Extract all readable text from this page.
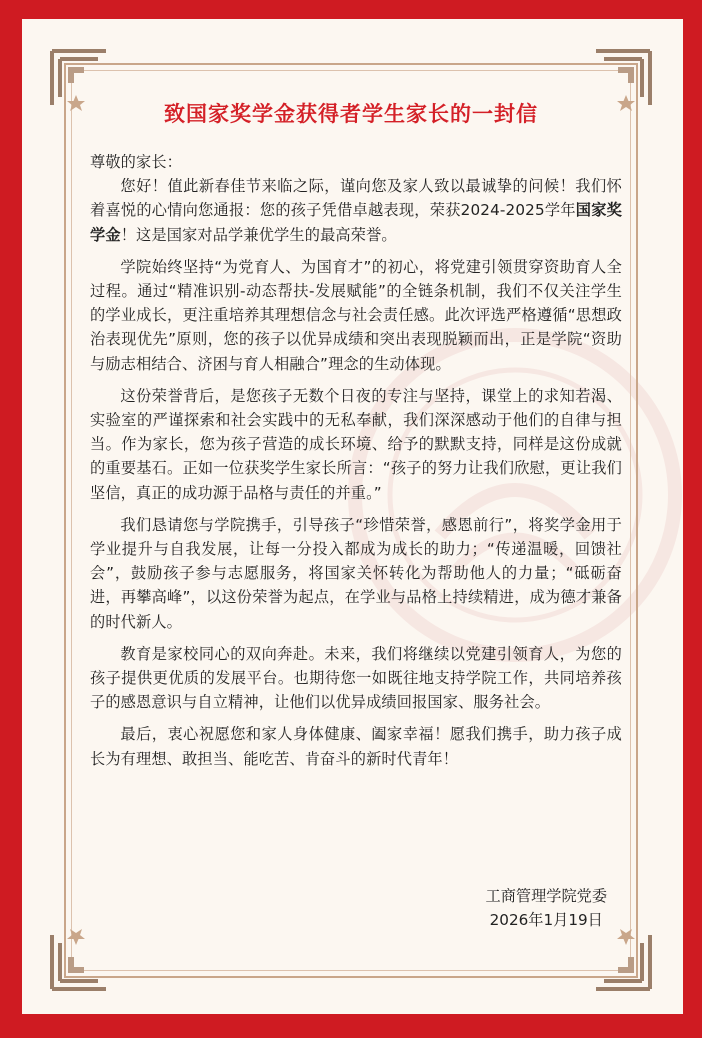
致国家奖学金获得者学生家长的一封信

尊敬的家长：

您好！值此新春佳节来临之际，谨向您及家人致以最诚挚的问候！我们怀着喜悦的心情向您通报：您的孩子凭借卓越表现，荣获2024-2025学年国家奖学金！这是国家对品学兼优学生的最高荣誉。

学院始终坚持“为党育人、为国育才”的初心，将党建引领贯穿资助育人全过程。通过“精准识别-动态帮扶-发展赋能”的全链条机制，我们不仅关注学生的学业成长，更注重培养其理想信念与社会责任感。此次评选严格遵循“思想政治表现优先”原则，您的孩子以优异成绩和突出表现脱颖而出，正是学院“资助与励志相结合、济困与育人相融合”理念的生动体现。

这份荣誉背后，是您孩子无数个日夜的专注与坚持，课堂上的求知若渴、实验室的严谨探索和社会实践中的无私奉献，我们深深感动于他们的自律与担当。作为家长，您为孩子营造的成长环境、给予的默默支持，同样是这份成就的重要基石。正如一位获奖学生家长所言：“孩子的努力让我们欣慰，更让我们坚信，真正的成功源于品格与责任的并重。”

我们恳请您与学院携手，引导孩子“珍惜荣誉，感恩前行”，将奖学金用于学业提升与自我发展，让每一分投入都成为成长的助力；“传递温暖，回馈社会”，鼓励孩子参与志愿服务，将国家关怀转化为帮助他人的力量；“砥砺奋进，再攀高峰”，以这份荣誉为起点，在学业与品格上持续精进，成为德才兼备的时代新人。

教育是家校同心的双向奔赴。未来，我们将继续以党建引领育人，为您的孩子提供更优质的发展平台。也期待您一如既往地支持学院工作，共同培养孩子的感恩意识与自立精神，让他们以优异成绩回报国家、服务社会。

最后，衷心祝愿您和家人身体健康、阖家幸福！愿我们携手，助力孩子成长为有理想、敢担当、能吃苦、肯奋斗的新时代青年！

工商管理学院党委
2026年1月19日
